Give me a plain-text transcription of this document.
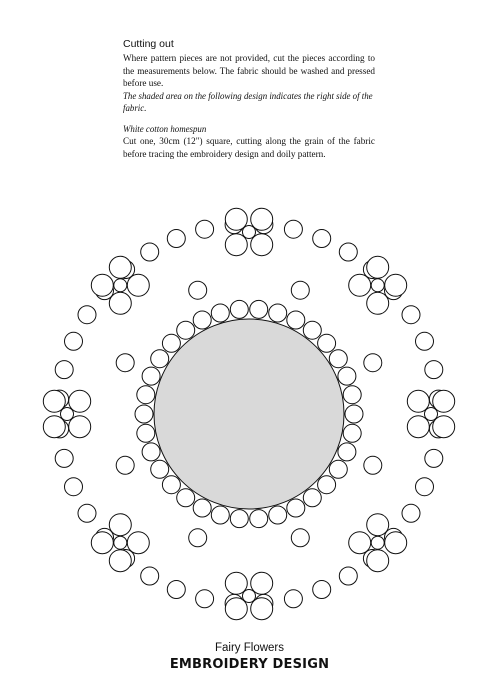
Cutting out

Where pattern pieces are not provided, cut the pieces according to the measurements below. The fabric should be washed and pressed before use.

The shaded area on the following design indicates the right side of the fabric.

White cotton homespun

Cut one, 30cm (12") square, cutting along the grain of the fabric before tracing the embroidery design and doily pattern.

Fairy Flowers
EMBROIDERY DESIGN
